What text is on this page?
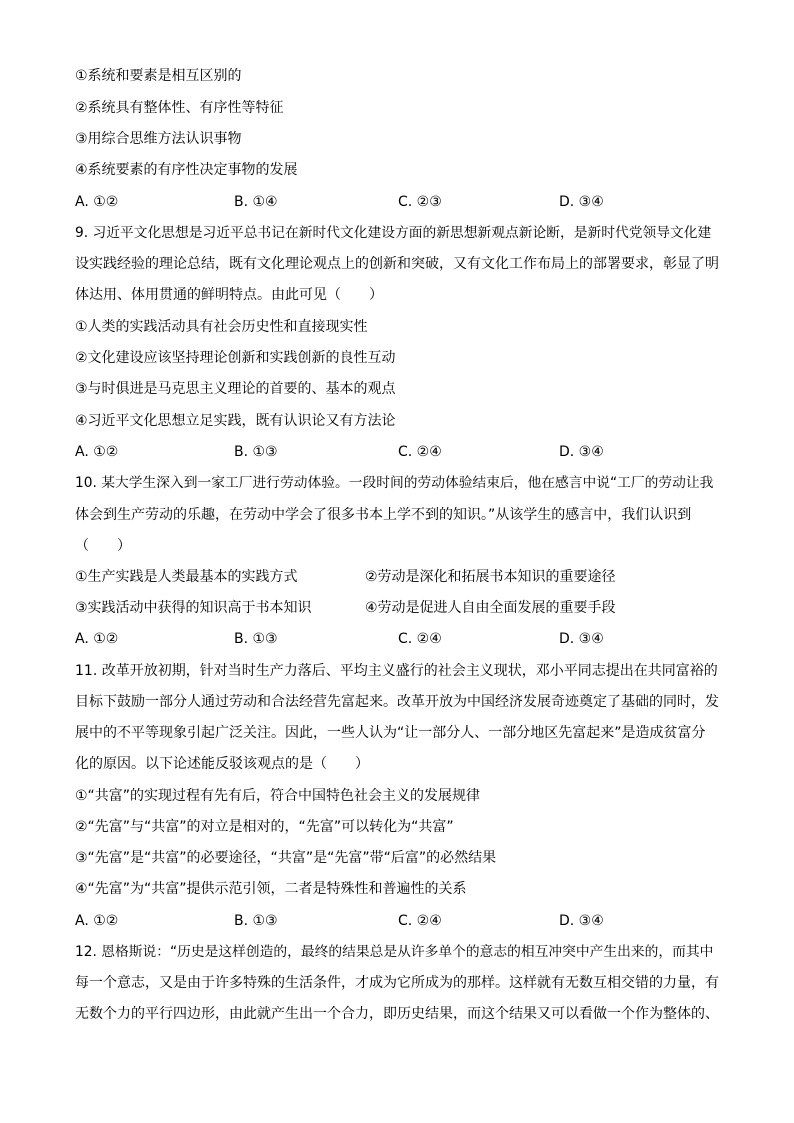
①系统和要素是相互区别的
②系统具有整体性、有序性等特征
③用综合思维方法认识事物
④系统要素的有序性决定事物的发展
A. ①②	B. ①④	C. ②③	D. ③④
9. 习近平文化思想是习近平总书记在新时代文化建设方面的新思想新观点新论断，是新时代党领导文化建
设实践经验的理论总结，既有文化理论观点上的创新和突破，又有文化工作布局上的部署要求，彰显了明
体达用、体用贯通的鲜明特点。由此可见（　　）
①人类的实践活动具有社会历史性和直接现实性
②文化建设应该坚持理论创新和实践创新的良性互动
③与时俱进是马克思主义理论的首要的、基本的观点
④习近平文化思想立足实践，既有认识论又有方法论
A. ①②	B. ①③	C. ②④	D. ③④
10. 某大学生深入到一家工厂进行劳动体验。一段时间的劳动体验结束后，他在感言中说“工厂的劳动让我
体会到生产劳动的乐趣，在劳动中学会了很多书本上学不到的知识。”从该学生的感言中，我们认识到
（　　）
①生产实践是人类最基本的实践方式	②劳动是深化和拓展书本知识的重要途径
③实践活动中获得的知识高于书本知识	④劳动是促进人自由全面发展的重要手段
A. ①②	B. ①③	C. ②④	D. ③④
11. 改革开放初期，针对当时生产力落后、平均主义盛行的社会主义现状，邓小平同志提出在共同富裕的
目标下鼓励一部分人通过劳动和合法经营先富起来。改革开放为中国经济发展奇迹奠定了基础的同时，发
展中的不平等现象引起广泛关注。因此，一些人认为“让一部分人、一部分地区先富起来”是造成贫富分
化的原因。以下论述能反驳该观点的是（　　）
①“共富”的实现过程有先有后，符合中国特色社会主义的发展规律
②“先富”与“共富”的对立是相对的，“先富”可以转化为“共富”
③“先富”是“共富”的必要途径，“共富”是“先富”带“后富”的必然结果
④“先富”为“共富”提供示范引领，二者是特殊性和普遍性的关系
A. ①②	B. ①③	C. ②④	D. ③④
12. 恩格斯说：“历史是这样创造的，最终的结果总是从许多单个的意志的相互冲突中产生出来的，而其中
每一个意志，又是由于许多特殊的生活条件，才成为它所成为的那样。这样就有无数互相交错的力量，有
无数个力的平行四边形，由此就产生出一个合力，即历史结果，而这个结果又可以看做一个作为整体的、
